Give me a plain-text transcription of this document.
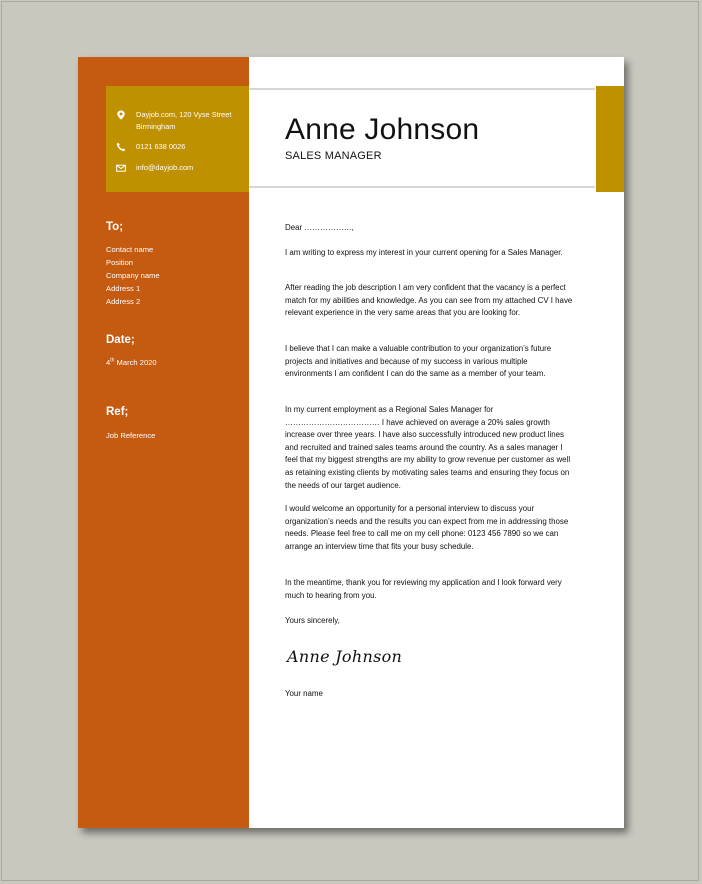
Dayjob.com, 120 Vyse Street
Birmingham
0121 638 0026
info@dayjob.com
To;
Contact name
Position
Company name
Address 1
Address 2
Date;
4th March 2020
Ref;
Job Reference
Anne Johnson
SALES MANAGER
Dear ………………,
I am writing to express my interest in your current opening for a Sales Manager.
After reading the job description I am very confident that the vacancy is a perfect match for my abilities and knowledge. As you can see from my attached CV I have relevant experience in the very same areas that you are looking for.
I believe that I can make a valuable contribution to your organization’s future projects and initiatives and because of my success in various multiple environments I am confident I can do the same as a member of your team.
In my current employment as a Regional Sales Manager for ……………………………… I have achieved on average a 20% sales growth increase over three years. I have also successfully introduced new product lines and recruited and trained sales teams around the country. As a sales manager I feel that my biggest strengths are my ability to grow revenue per customer as well as retaining existing clients by motivating sales teams and ensuring they focus on the needs of our target audience.
I would welcome an opportunity for a personal interview to discuss your organization’s needs and the results you can expect from me in addressing those needs. Please feel free to call me on my cell phone: 0123 456 7890 so we can arrange an interview time that fits your busy schedule.
In the meantime, thank you for reviewing my application and I look forward very much to hearing from you.
Yours sincerely,
Anne Johnson
Your name
